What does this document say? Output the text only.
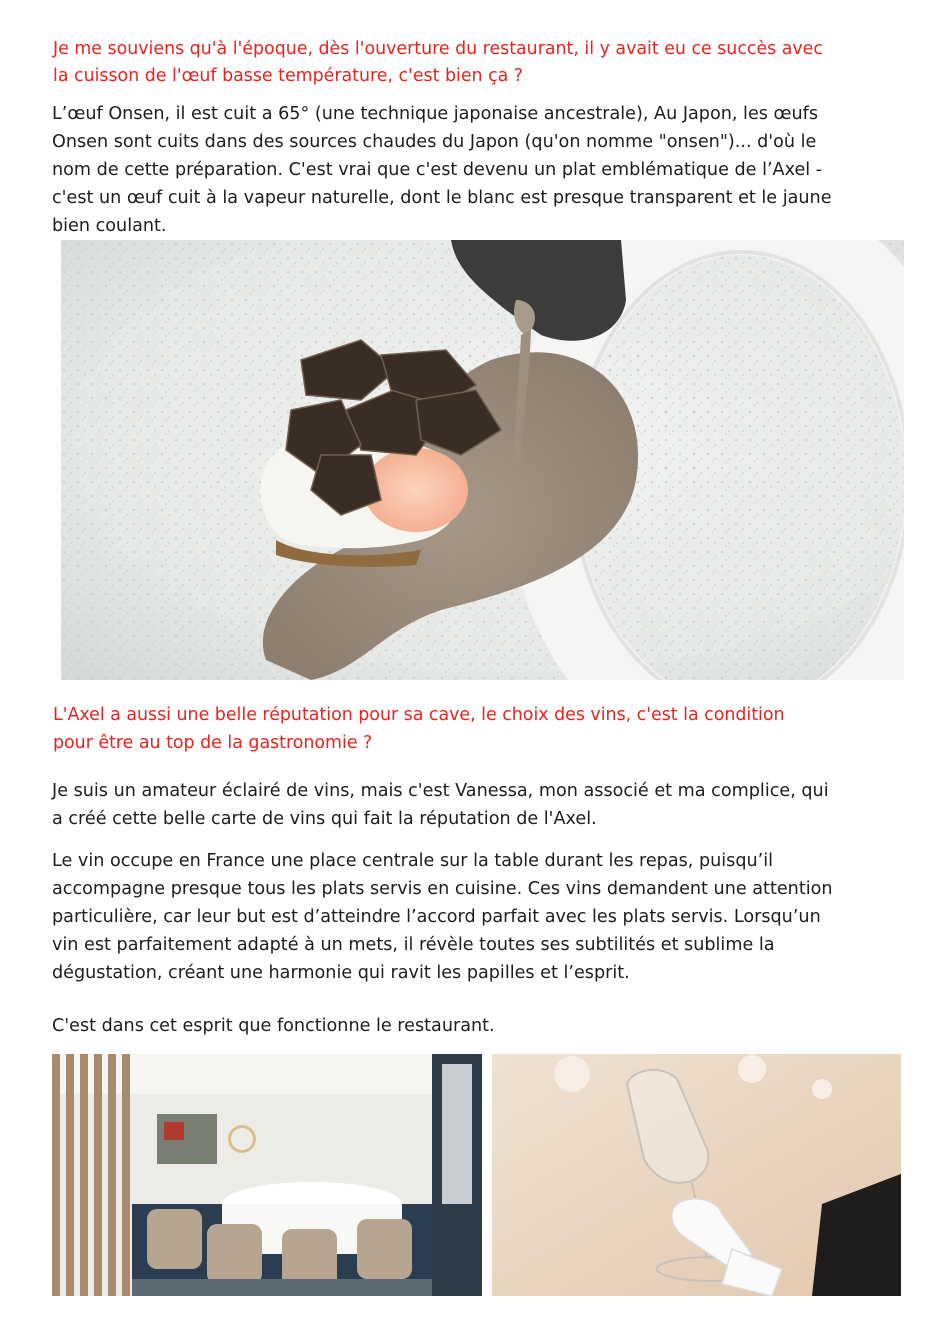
Je me souviens qu'à l'époque, dès l'ouverture du restaurant, il y avait eu ce succès avec

la cuisson de l'œuf basse température, c'est bien ça ?

L’œuf Onsen, il est cuit a 65° (une technique japonaise ancestrale), Au Japon, les œufs

Onsen sont cuits dans des sources chaudes du Japon (qu'on nomme "onsen")... d'où le

nom de cette préparation. C'est vrai que c'est devenu un plat emblématique de l’Axel -

c'est un œuf cuit à la vapeur naturelle, dont le blanc est presque transparent et le jaune

bien coulant.

L'Axel a aussi une belle réputation pour sa cave, le choix des vins, c'est la condition

pour être au top de la gastronomie ?

Je suis un amateur éclairé de vins, mais c'est Vanessa, mon associé et ma complice, qui

a créé cette belle carte de vins qui fait la réputation de l'Axel.

Le vin occupe en France une place centrale sur la table durant les repas, puisqu’il

accompagne presque tous les plats servis en cuisine. Ces vins demandent une attention

particulière, car leur but est d’atteindre l’accord parfait avec les plats servis. Lorsqu’un

vin est parfaitement adapté à un mets, il révèle toutes ses subtilités et sublime la

dégustation, créant une harmonie qui ravit les papilles et l’esprit.

C'est dans cet esprit que fonctionne le restaurant.
